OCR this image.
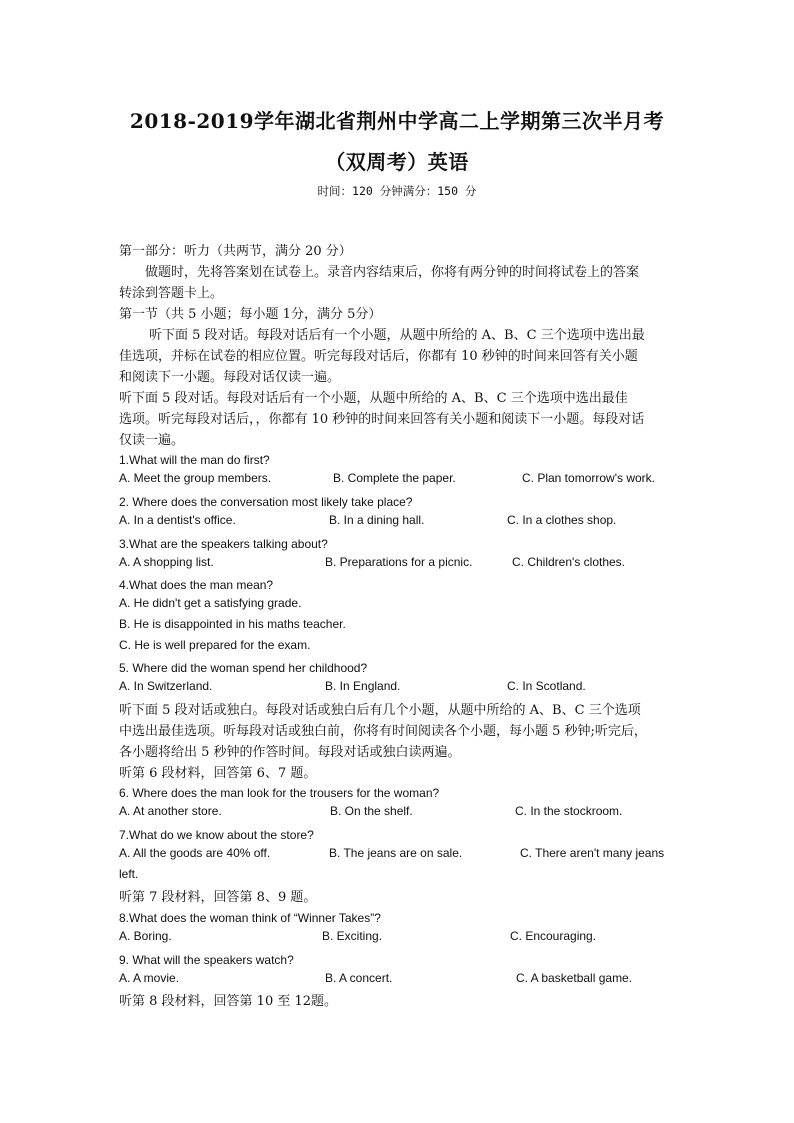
2018-2019学年湖北省荆州中学高二上学期第三次半月考
（双周考）英语
时间：120 分钟满分：150 分
第一部分：听力（共两节，满分 20 分）
做题时，先将答案划在试卷上。录音内容结束后，你将有两分钟的时间将试卷上的答案
转涂到答题卡上。
第一节（共 5 小题；每小题 1分，满分 5分）
听下面 5 段对话。每段对话后有一个小题，从题中所给的 A、B、C 三个选项中选出最
佳选项，并标在试卷的相应位置。听完每段对话后，你都有 10 秒钟的时间来回答有关小题
和阅读下一小题。每段对话仅读一遍。
听下面 5 段对话。每段对话后有一个小题，从题中所给的 A、B、C 三个选项中选出最佳
选项。听完每段对话后，，你都有 10 秒钟的时间来回答有关小题和阅读下一小题。每段对话
仅读一遍。
1.What will the man do first?
A. Meet the group members.	B. Complete the paper.	C. Plan tomorrow's work.
2. Where does the conversation most likely take place?
A. In a dentist's office.	B. In a dining hall.	C. In a clothes shop.
3.What are the speakers talking about?
A. A shopping list.	B. Preparations for a picnic.	C. Children's clothes.
4.What does the man mean?
A. He didn't get a satisfying grade.
B. He is disappointed in his maths teacher.
C. He is well prepared for the exam.
5. Where did the woman spend her childhood?
A. In Switzerland.	B. In England.	C. In Scotland.
听下面 5 段对话或独白。每段对话或独白后有几个小题，从题中所给的 A、B、C 三个选项
中选出最佳选项。听每段对话或独白前，你将有时间阅读各个小题，每小题 5 秒钟;听完后，
各小题将给出 5 秒钟的作答时间。每段对话或独白读两遍。
听第 6 段材料，回答第 6、7 题。
6. Where does the man look for the trousers for the woman?
A. At another store.	B. On the shelf.	C. In the stockroom.
7.What do we know about the store?
A. All the goods are 40% off.	B. The jeans are on sale.	C. There aren't many jeans
left.
听第 7 段材料，回答第 8、9 题。
8.What does the woman think of “Winner Takes”?
A. Boring.	B. Exciting.	C. Encouraging.
9. What will the speakers watch?
A. A movie.	B. A concert.	C. A basketball game.
听第 8 段材料，回答第 10 至 12题。
